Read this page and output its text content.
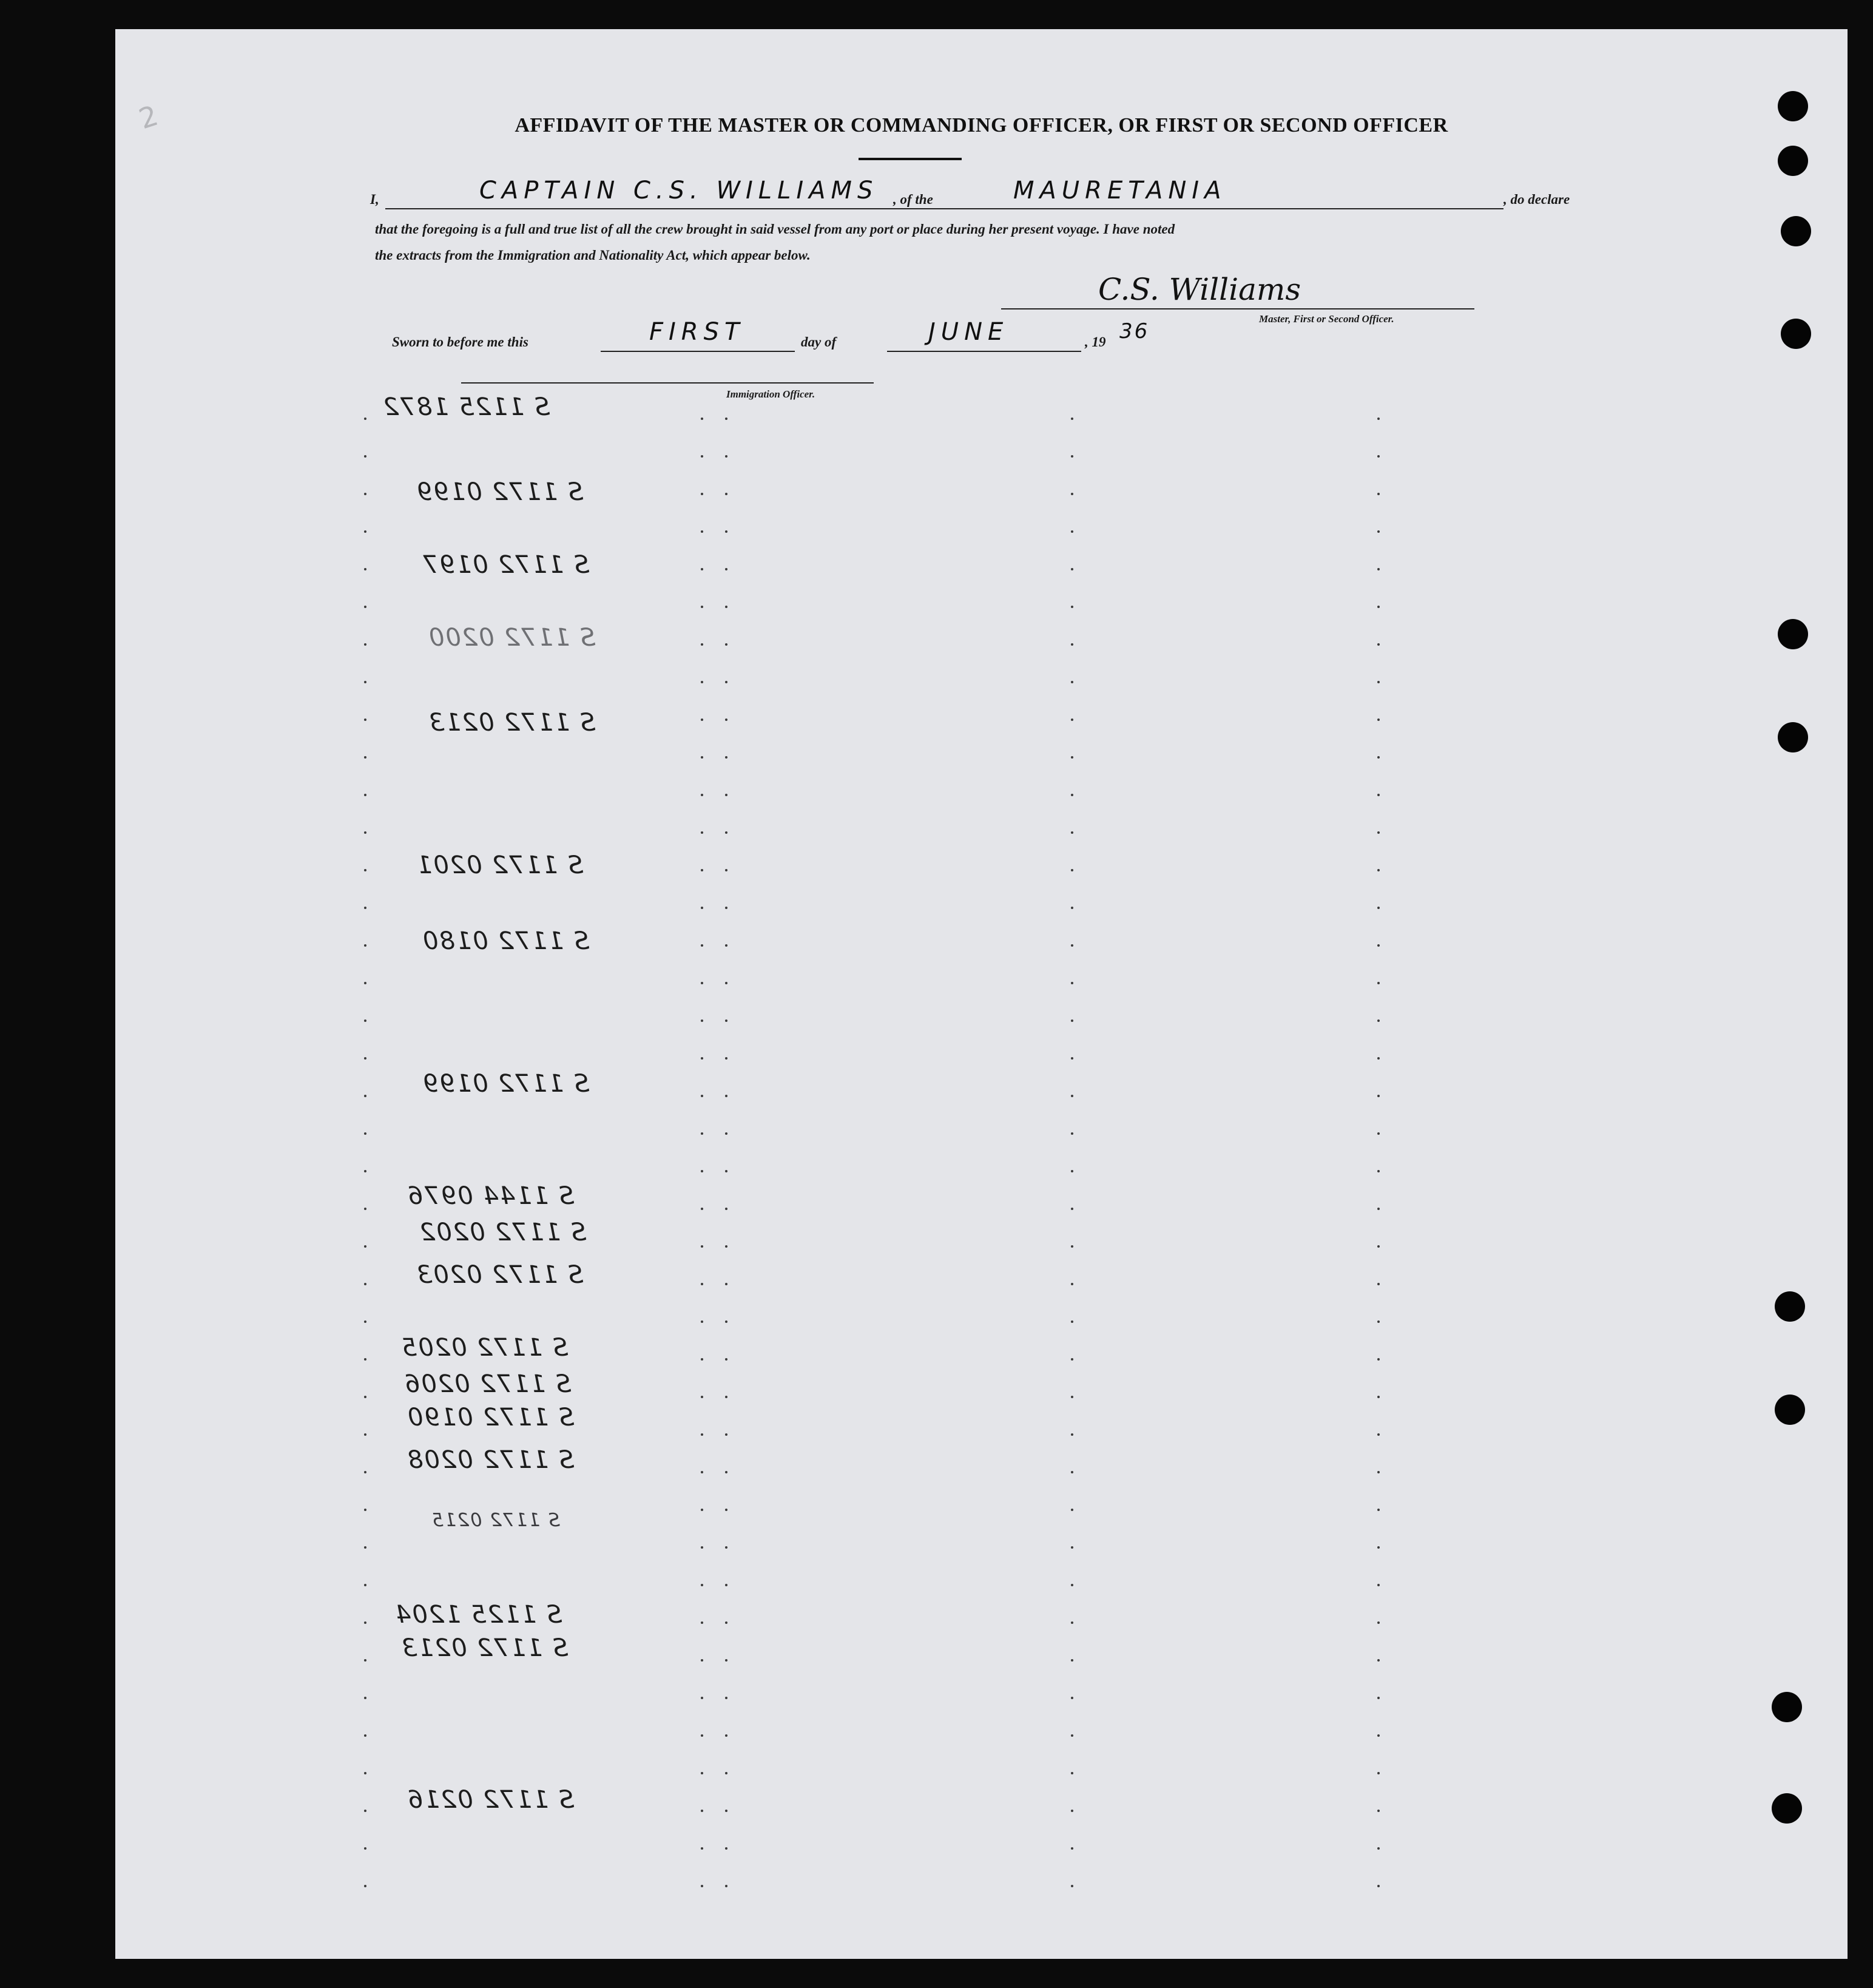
2	AFFIDAVIT OF THE MASTER OR COMMANDING OFFICER, OR FIRST OR SECOND OFFICER
I,	CAPTAIN C.S. WILLIAMS , of the	MAURETANIA	, do declare
that the foregoing is a full and true list of all the crew brought in said vessel from any port or place during her present voyage. I have noted
the extracts from the Immigration and Nationality Act, which appear below.
C.S. Williams
Master, First or Second Officer.
Sworn to before me this	FIRST	day of	JUNE	, 19 36
Immigration Officer.
S 1125 1872
S 1172 0199
S 1172 0197
S 1172 0200
S 1172 0213
S 1172 0201
S 1172 0180
S 1172 0199
S 1144 0976
S 1172 0202
S 1172 0203
S 1172 0205
S 1172 0206
S 1172 0190
S 1172 0208
S 1172 0215
S 1125 1204
S 1172 0213
S 1172 0216
